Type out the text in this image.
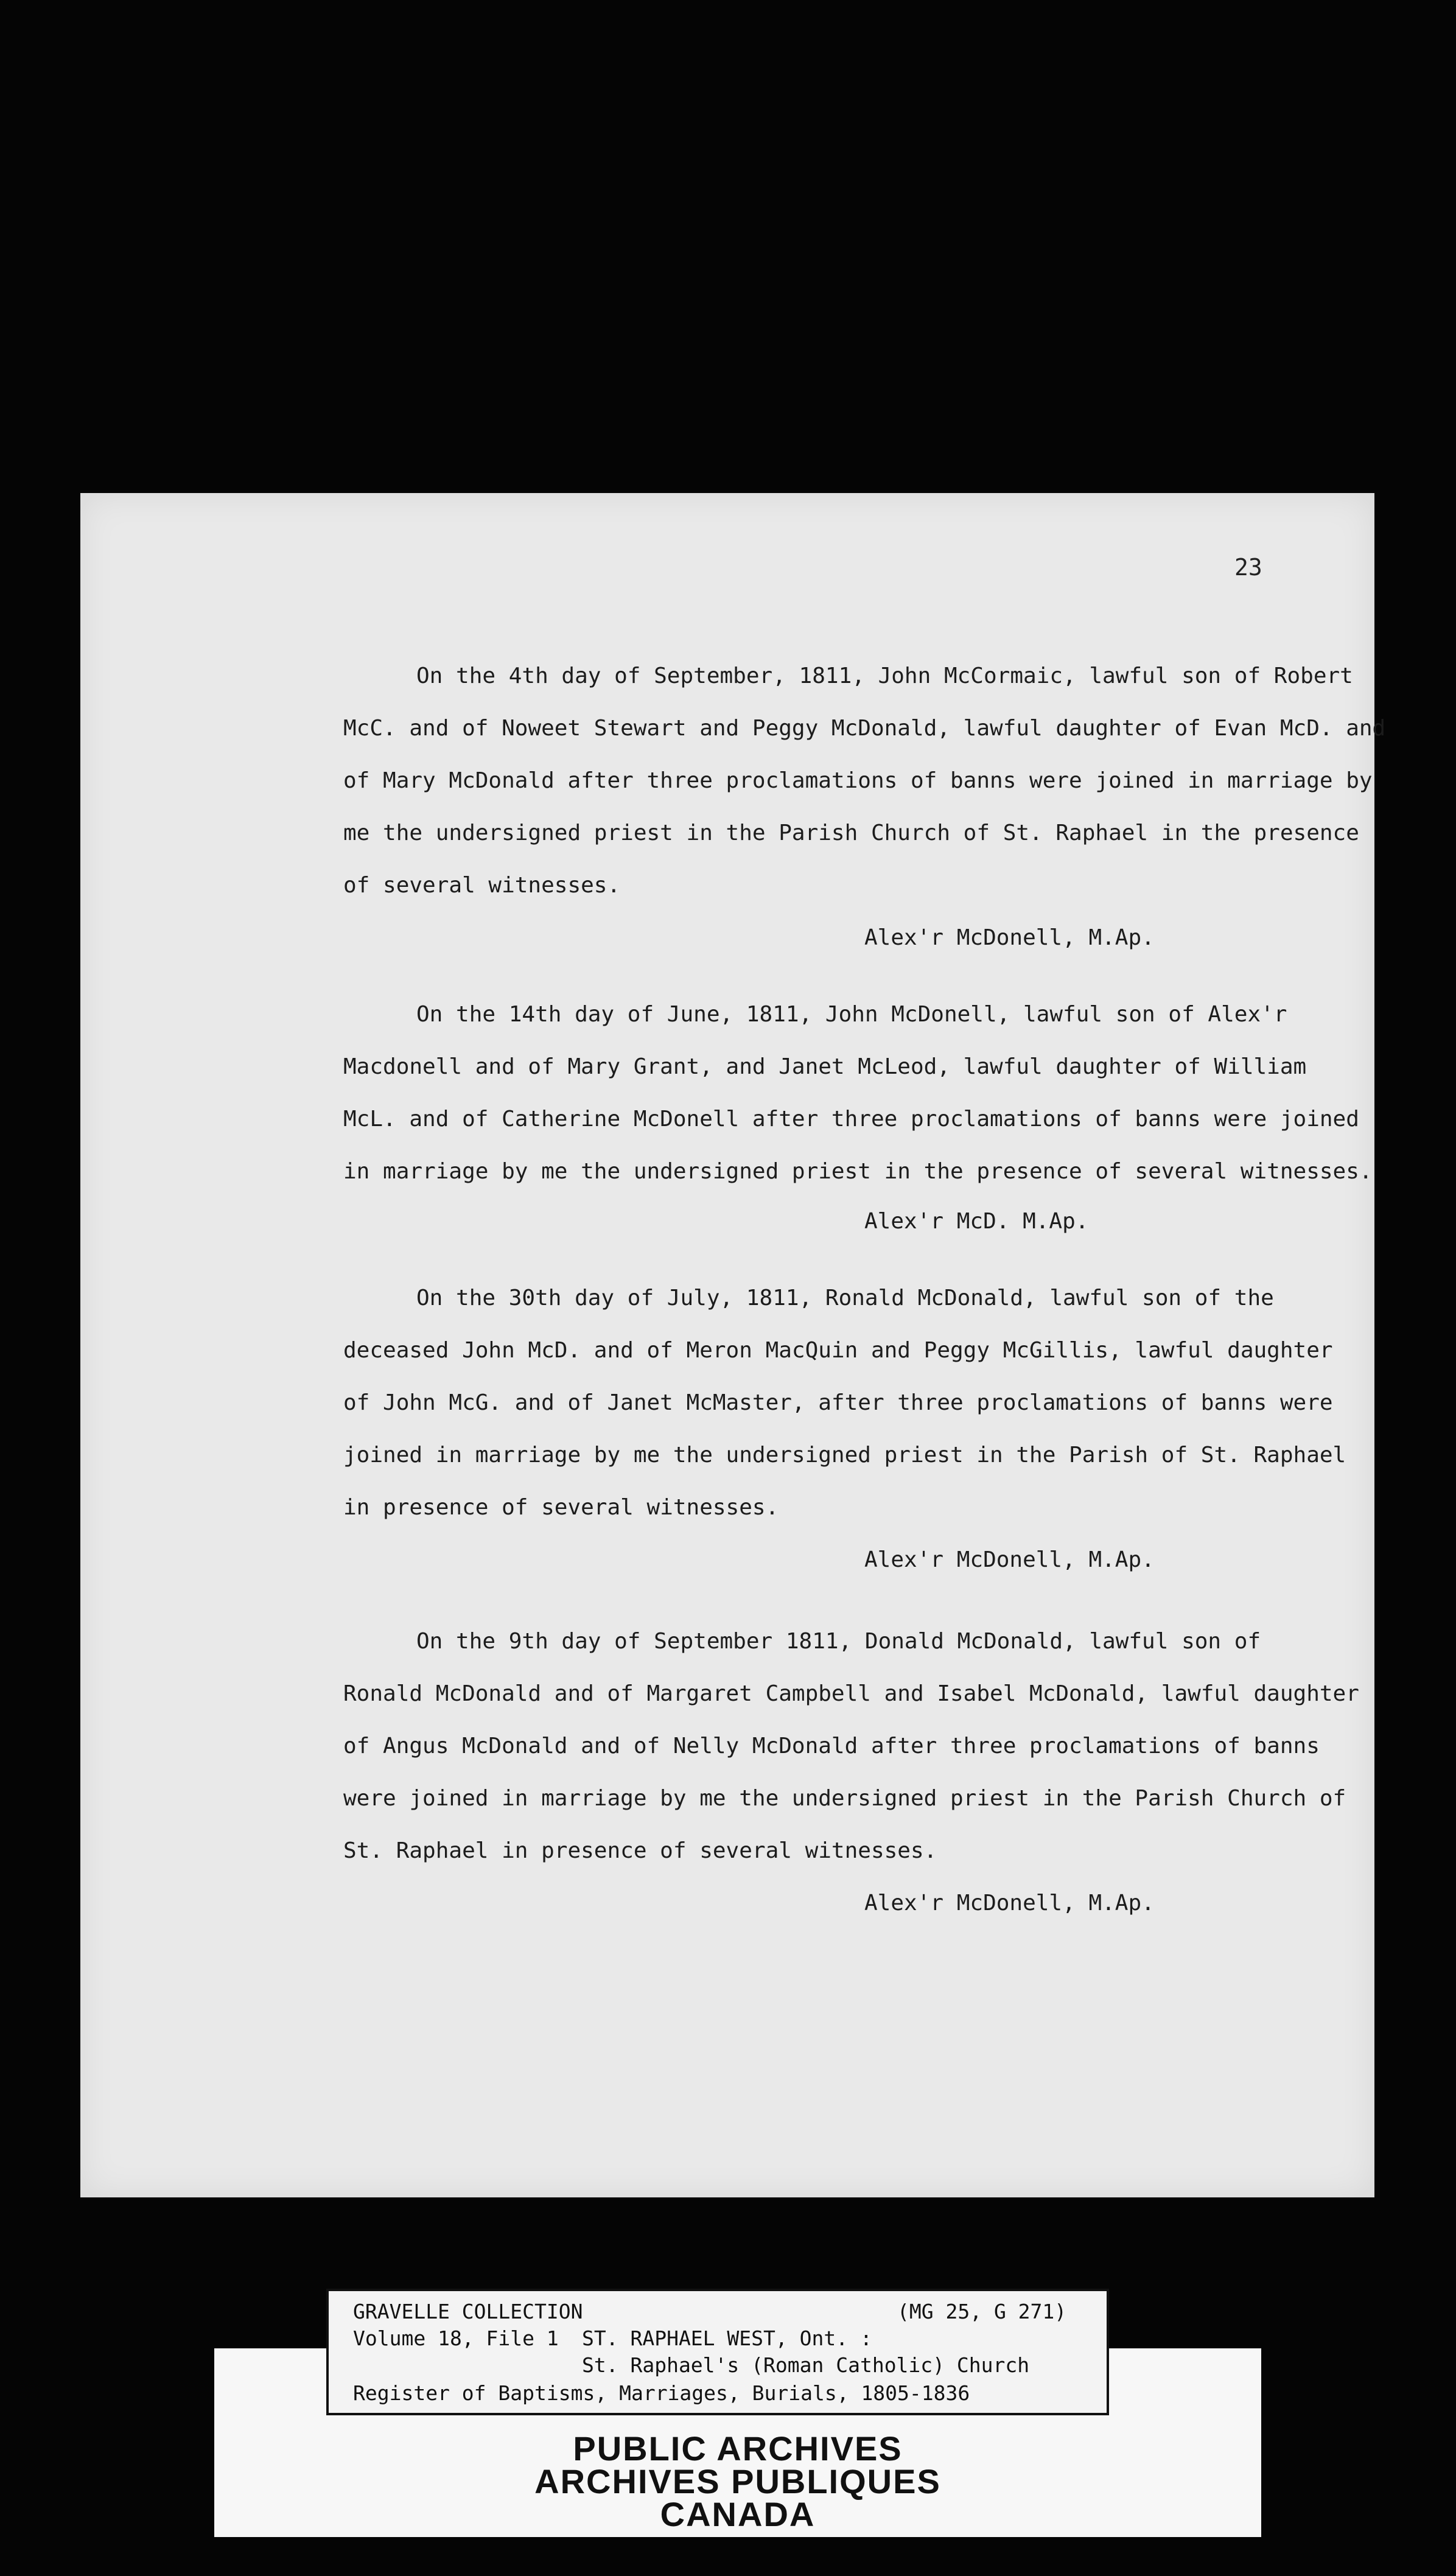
23
On the 4th day of September, 1811, John McCormaic, lawful son of Robert
McC. and of Noweet Stewart and Peggy McDonald, lawful daughter of Evan McD. and
of Mary McDonald after three proclamations of banns were joined in marriage by
me the undersigned priest in the Parish Church of St. Raphael in the presence
of several witnesses.
Alex'r McDonell, M.Ap.
On the 14th day of June, 1811, John McDonell, lawful son of Alex'r
Macdonell and of Mary Grant, and Janet McLeod, lawful daughter of William
McL. and of Catherine McDonell after three proclamations of banns were joined
in marriage by me the undersigned priest in the presence of several witnesses.
Alex'r McD. M.Ap.
On the 30th day of July, 1811, Ronald McDonald, lawful son of the
deceased John McD. and of Meron MacQuin and Peggy McGillis, lawful daughter
of John McG. and of Janet McMaster, after three proclamations of banns were
joined in marriage by me the undersigned priest in the Parish of St. Raphael
in presence of several witnesses.
Alex'r McDonell, M.Ap.
On the 9th day of September 1811, Donald McDonald, lawful son of
Ronald McDonald and of Margaret Campbell and Isabel McDonald, lawful daughter
of Angus McDonald and of Nelly McDonald after three proclamations of banns
were joined in marriage by me the undersigned priest in the Parish Church of
St. Raphael in presence of several witnesses.
Alex'r McDonell, M.Ap.
PUBLIC ARCHIVES
ARCHIVES PUBLIQUES
CANADA
GRAVELLE COLLECTION	(MG 25, G 271)
Volume 18, File 1 ST. RAPHAEL WEST, Ont. :
St. Raphael's (Roman Catholic) Church
Register of Baptisms, Marriages, Burials, 1805-1836
